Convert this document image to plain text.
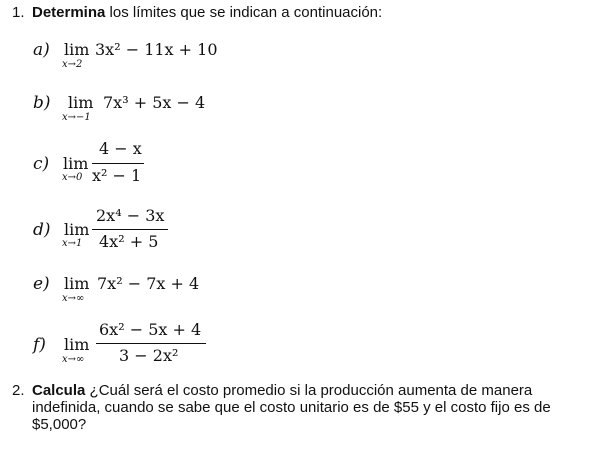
1. Determina los límites que se indican a continuación:
a) lim
x→2
3x² − 11x + 10
b) lim
x→−1
7x³ + 5x − 4
c) lim
x→0
4 − x
x² − 1
d) lim
x→1
2x⁴ − 3x
4x² + 5
e) lim
x→∞
7x² − 7x + 4
f) lim
x→∞
6x² − 5x + 4
3 − 2x²
2. Calcula ¿Cuál será el costo promedio si la producción aumenta de manera indefinida, cuando se sabe que el costo unitario es de $55 y el costo fijo es de $5,000?
